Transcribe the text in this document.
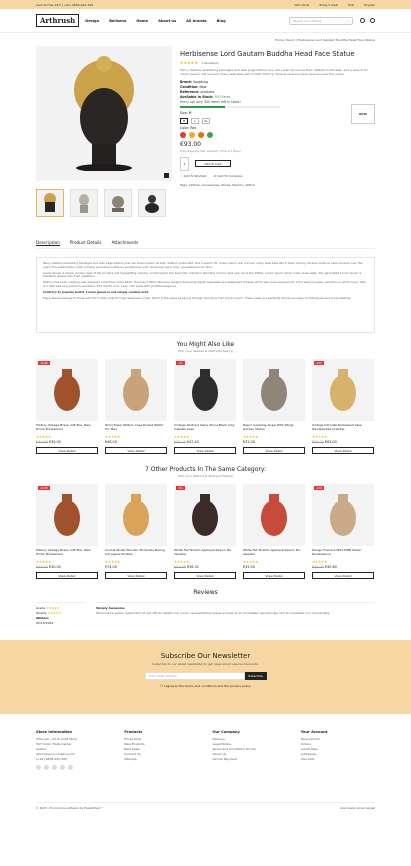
Call Us Free 24/7 (+91) 9856-542-395	Gift Cards	Today's Deal	EUR	English
Arthrush	Design	Bellsena	Home	About us	All brands	Blog	Search our catalog	⌕
Home | Room | Herbisense Lord Gautam Buddha Head Face Statue
Herbisense Lord Gautam Buddha Head Face Statue
★★★★★ 1 Review(s)
Fancy desktop publishing packages and web page editors now use Lorem Ipsum as their default model text, and a search for 'lorem ipsum' will uncover many web sites still in their infancy. Various versions have evolved over the years.
Brand: Soupking
Condition: New
Reference: products
Available In Stock: 300 Items
Hurry up! only 300 items left in stock!
Size: M
M	L	XL
Color: Red
€93.00
Free Shipping (Est. Delivery Time 2-3 Days)
1	Add To Cart
♡ Add To Wishlist	⇄ Add To Compare
Tags: Clothes, Accessories, Shoes, Fashion, Watch
DOTS
Description Product Details Attachments

Many desktop publishing packages and web page editors now use Lorem Ipsum as their default model text, and a search for 'lorem ipsum' will uncover many web sites still in their infancy. Various versions have evolved over the years The sublimation-under printing process provides an exceptional color rendering and a color, guaranteed over time.

Lorem Ipsum is simply dummy text of the printing and typesetting industry. Lorem Ipsum has been the industry's standard dummy text ever since the 1500s. Lorem Ipsum which looks reasonable. The generated Lorem Ipsum is therefore always free from repetition.

Fashion has been creating well-designed collections since 2010. The brand offers feminine designs delivering stylish separates and statement dresses which has since evolved into a full ready-to-wear collection in which every item is a vital part of a woman's wardrobe. The result? Cool, easy, chic looks with youthful elegance.

Contrary to popular belief, Lorem Ipsum is not simply random text.

Equal blame belongs to those who fail in their duty through weakness of will, which is the same as saying through shrinking from toil and pain. These cases are perfectly simple and easy to distinguish and accountability.

You Might Also Like
Pick your desired & start purchasing
-10.0€
Pottery Vintage Brass, Gift Box, New Home Bridesmaid
★★★★★
€33.00 €30.00
View Detail
Wind Tower Pattern Case Pocket Watch For Men
★★★★★
€48.00
View Detail
-7%
Vintage Abstract Swiss Stone Black Clay Catwalk Vase
★★★★★
€35.00 €47.43
View Detail
Napco Greeting Angel With Wings Garden Statue
★★★★★
€32.00
View Detail
-10%
Vintage Intricate Distressed Vase Handpainted Oriental
★★★★★
€35.00 €63.00
View Detail
7 Other Products In The Same Category:
Pick your desired & start purchasing
-10.0€
Pottery Vintage Brass, Gift Box, New Home Bridesmaid
★★★★★
€33.00 €30.00
View Detail
Animal Model Wooden 3D Puzzle Bering Cat Jigsaw Puzzles
★★★★★
€74.00
View Detail
-5%
White Fall Stretch Appliqué Sequin Pur Sweater
★★★★★
€50.00 €56.32
View Detail
White Fall Stretch Appliqué Sequin Pur Sweater
★★★★★
€32.00
View Detail
-10%
Design Framers WS7158N Italian Renaissance
★★★★★
€34.00 €30.60
View Detail
Reviews
Grade ★★★★★
Quality ★★★★★
William
05/15/2022
Simply Awesome
Temporibus autem quibusdam et aut officiis debitis aut rerum necessitatibus saepe eveniet ut et voluptates repudiandae sint et molestiae non recusandae.
Subscribe Our Newsletter
Subscribe to our latest newsletter to get news about special discounts.
Your email address	Subscribe
☐ I agree to the terms and conditions and the privacy policy
Store Information
Arthrush - Art & Craft Store
567 Union Trade Center
United
demo@yourcompany.com
(+91) 9856-542-395
Products
Prices Drop
New Products
Best Sales
Contact Us
Sitemap
Our Company
Delivery
Legal Notice
Terms And Conditions Of Use
About Us
Secure Payment
Your Account
Personal Info
Orders
Credit Slips
Addresses
Vouchers
© 2023 - Ecommerce software by PrestaShop™	visa master amex paypal
